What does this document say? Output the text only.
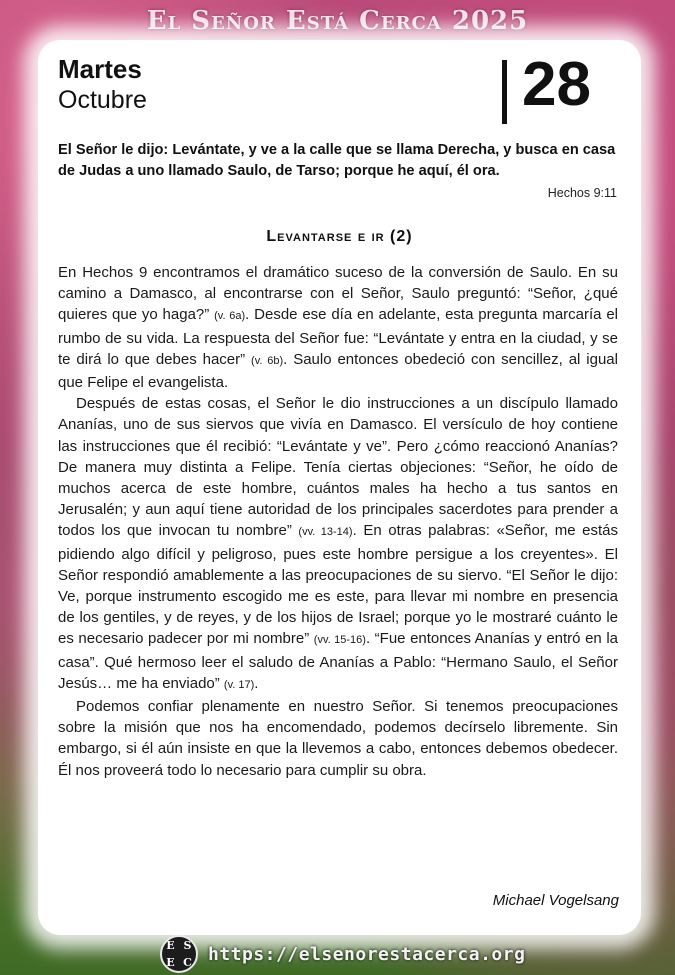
El Señor Está Cerca 2025
Martes
Octubre	28
El Señor le dijo: Levántate, y ve a la calle que se llama Derecha, y busca en casa de Judas a uno llamado Saulo, de Tarso; porque he aquí, él ora.
Hechos 9:11
Levantarse e ir (2)

En Hechos 9 encontramos el dramático suceso de la conversión de Saulo. En su camino a Damasco, al encontrarse con el Señor, Saulo preguntó: “Señor, ¿qué quieres que yo haga?” (v. 6a). Desde ese día en adelante, esta pregunta marcaría el rumbo de su vida. La respuesta del Señor fue: “Levántate y entra en la ciudad, y se te dirá lo que debes hacer” (v. 6b). Saulo entonces obedeció con sencillez, al igual que Felipe el evangelista.

Después de estas cosas, el Señor le dio instrucciones a un discípulo llamado Ananías, uno de sus siervos que vivía en Damasco. El versículo de hoy contiene las instrucciones que él recibió: “Levántate y ve”. Pero ¿cómo reaccionó Ananías? De manera muy distinta a Felipe. Tenía ciertas objeciones: “Señor, he oído de muchos acerca de este hombre, cuántos males ha hecho a tus santos en Jerusalén; y aun aquí tiene autoridad de los principales sacerdotes para prender a todos los que invocan tu nombre” (vv. 13-14). En otras palabras: «Señor, me estás pidiendo algo difícil y peligroso, pues este hombre persigue a los creyentes». El Señor respondió amablemente a las preocupaciones de su siervo. “El Señor le dijo: Ve, porque instrumento escogido me es este, para llevar mi nombre en presencia de los gentiles, y de reyes, y de los hijos de Israel; porque yo le mostraré cuánto le es necesario padecer por mi nombre” (vv. 15-16). “Fue entonces Ananías y entró en la casa”. Qué hermoso leer el saludo de Ananías a Pablo: “Hermano Saulo, el Señor Jesús… me ha enviado” (v. 17).

Podemos confiar plenamente en nuestro Señor. Si tenemos preocupaciones sobre la misión que nos ha encomendado, podemos decírselo libremente. Sin embargo, si él aún insiste en que la llevemos a cabo, entonces debemos obedecer. Él nos proveerá todo lo necesario para cumplir su obra.

Michael Vogelsang
E S
E C https://elsenorestacerca.org
